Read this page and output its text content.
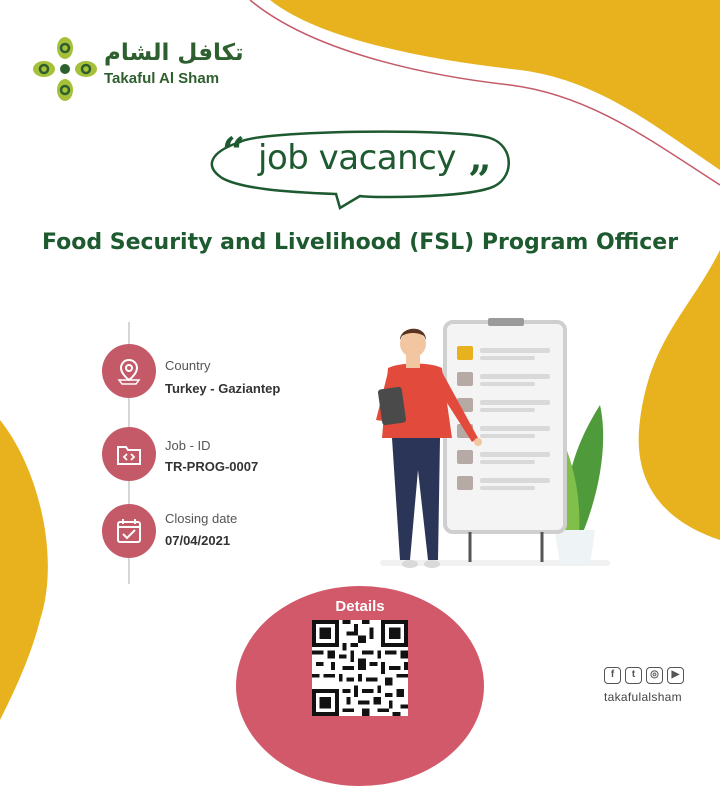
تكافل الشام
Takaful Al Sham
“
”
job vacancy
Food Security and Livelihood (FSL) Program Officer
Country
Turkey - Gaziantep
Job - ID
TR-PROG-0007
Closing date
07/04/2021
Details
f	t	◎	▶
takafulalsham
